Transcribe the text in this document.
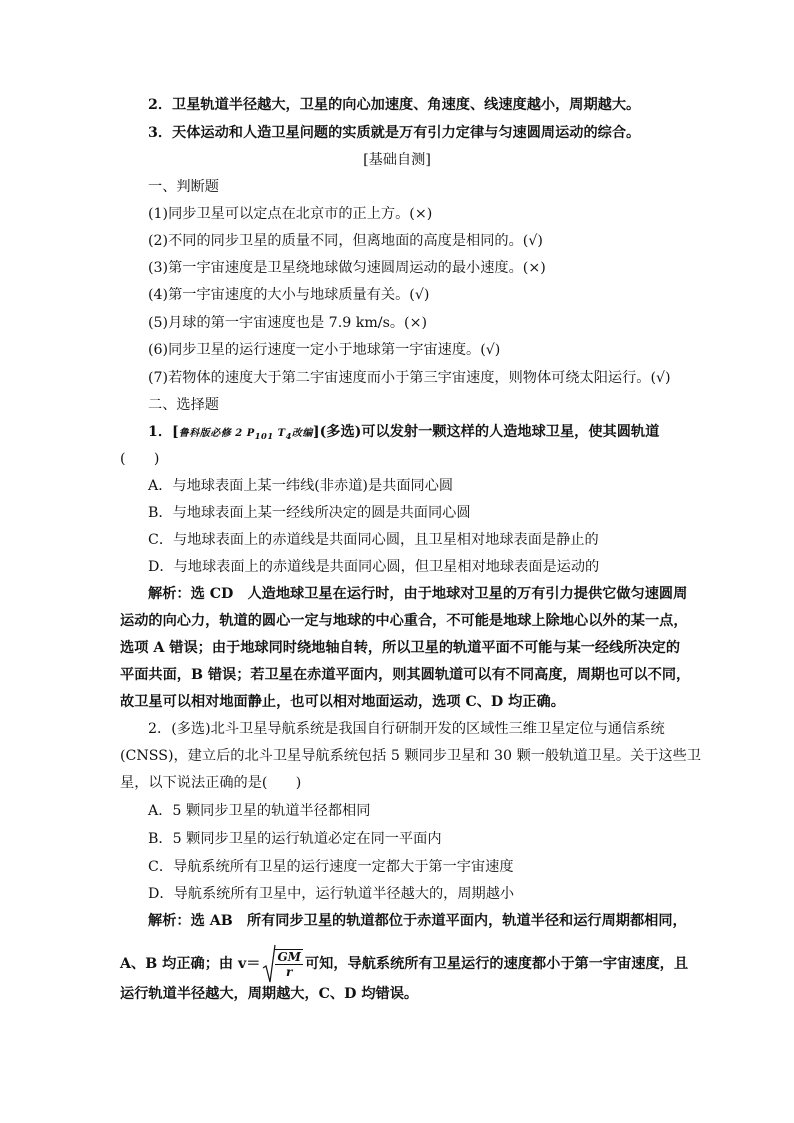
2．卫星轨道半径越大，卫星的向心加速度、角速度、线速度越小，周期越大。
3．天体运动和人造卫星问题的实质就是万有引力定律与匀速圆周运动的综合。
[基础自测]
一、判断题
(1)同步卫星可以定点在北京市的正上方。(×)
(2)不同的同步卫星的质量不同，但离地面的高度是相同的。(√)
(3)第一宇宙速度是卫星绕地球做匀速圆周运动的最小速度。(×)
(4)第一宇宙速度的大小与地球质量有关。(√)
(5)月球的第一宇宙速度也是 7.9 km/s。(×)
(6)同步卫星的运行速度一定小于地球第一宇宙速度。(√)
(7)若物体的速度大于第二宇宙速度而小于第三宇宙速度，则物体可绕太阳运行。(√)
二、选择题
1．[鲁科版必修 2 $P_{101}$ $T_4$改编](多选)可以发射一颗这样的人造地球卫星，使其圆轨道
(　　)
A．与地球表面上某一纬线(非赤道)是共面同心圆
B．与地球表面上某一经线所决定的圆是共面同心圆
C．与地球表面上的赤道线是共面同心圆，且卫星相对地球表面是静止的
D．与地球表面上的赤道线是共面同心圆，但卫星相对地球表面是运动的
解析：选 CD　人造地球卫星在运行时，由于地球对卫星的万有引力提供它做匀速圆周
运动的向心力，轨道的圆心一定与地球的中心重合，不可能是地球上除地心以外的某一点，
选项 A 错误；由于地球同时绕地轴自转，所以卫星的轨道平面不可能与某一经线所决定的
平面共面，B 错误；若卫星在赤道平面内，则其圆轨道可以有不同高度，周期也可以不同，
故卫星可以相对地面静止，也可以相对地面运动，选项 C、D 均正确。
2．(多选)北斗卫星导航系统是我国自行研制开发的区域性三维卫星定位与通信系统
(CNSS)，建立后的北斗卫星导航系统包括 5 颗同步卫星和 30 颗一般轨道卫星。关于这些卫
星，以下说法正确的是(　　)
A．5 颗同步卫星的轨道半径都相同
B．5 颗同步卫星的运行轨道必定在同一平面内
C．导航系统所有卫星的运行速度一定都大于第一宇宙速度
D．导航系统所有卫星中，运行轨道半径越大的，周期越小
解析：选 AB　所有同步卫星的轨道都位于赤道平面内，轨道半径和运行周期都相同，
A、B 均正确；由 $v= \frac{GM}{r}$ 可知，导航系统所有卫星运行的速度都小于第一宇宙速度，且
运行轨道半径越大，周期越大，C、D 均错误。
